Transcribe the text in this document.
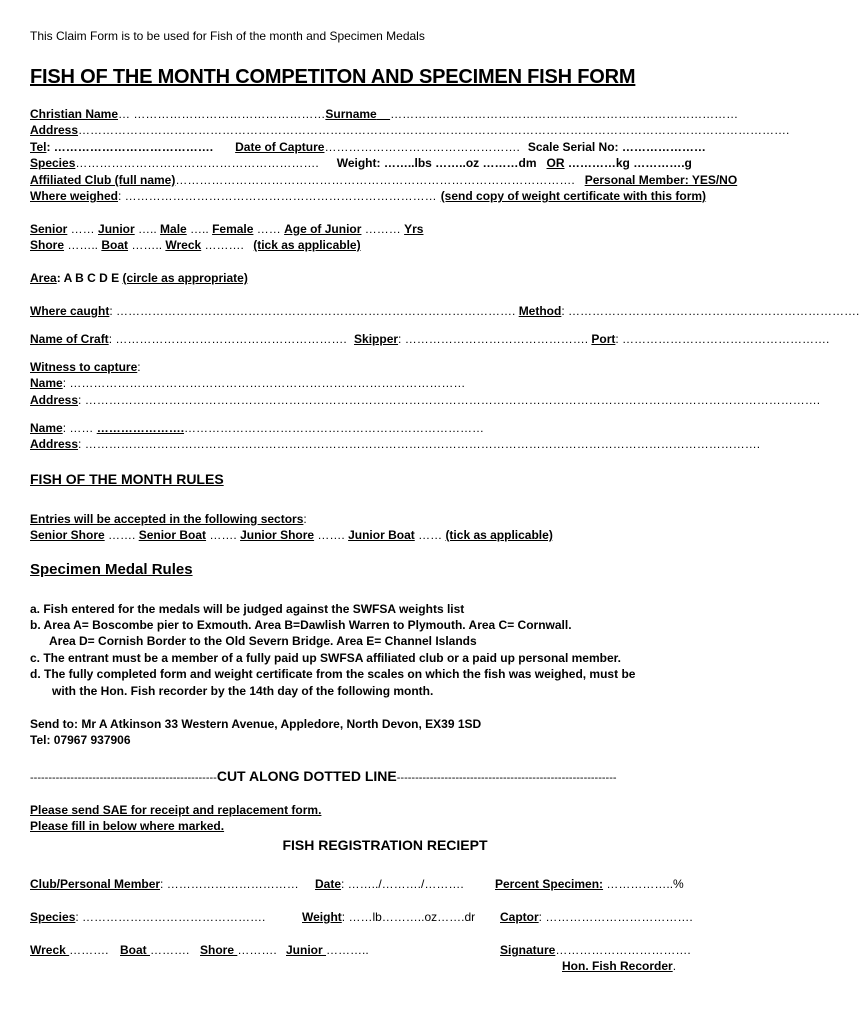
This Claim Form is to be used for Fish of the month and Specimen Medals
FISH OF THE MONTH COMPETITON AND SPECIMEN FISH FORM
Christian Name… …………………………………………Surname ……………………………………………………………………………
Address…………………………………………………………………………………………………………………………………………………………….
Tel: …………………………………. Date of Capture…………………………………………. Scale Serial No: …………………
Species……………………………………………………. Weight: ……..lbs ……..oz ………dm OR …………kg ………….g
Affiliated Club (full name)………………………………………………………………………………………. Personal Member: YES/NO
Where weighed: …………………………………………………………………… (send copy of weight certificate with this form)
Senior …… Junior ….. Male ….. Female …… Age of Junior ……… Yrs
Shore …….. Boat …….. Wreck ………. (tick as applicable)
Area: A B C D E (circle as appropriate)
Where caught: ………………………………………………………………………………………. Method: ……………………………………………………………….
Name of Craft: …………………………………………………. Skipper: ………………………………………. Port: …………………………………………….
Witness to capture:
Name: ………………………………………………………………………………………
Address: ………………………………………………………………………………………………………………………………………………………………….
Name: …… ………………….…………………………………………………………………
Address: …………………………………………………………………………………………………………………………………………………….
FISH OF THE MONTH RULES
Entries will be accepted in the following sectors:
Senior Shore ……. Senior Boat ……. Junior Shore ……. Junior Boat …… (tick as applicable)
Specimen Medal Rules
a. Fish entered for the medals will be judged against the SWFSA weights list
b. Area A= Boscombe pier to Exmouth. Area B=Dawlish Warren to Plymouth. Area C= Cornwall.
Area D= Cornish Border to the Old Severn Bridge. Area E= Channel Islands
c. The entrant must be a member of a fully paid up SWFSA affiliated club or a paid up personal member.
d. The fully completed form and weight certificate from the scales on which the fish was weighed, must be
with the Hon. Fish recorder by the 14th day of the following month.
Send to: Mr A Atkinson 33 Western Avenue, Appledore, North Devon, EX39 1SD
Tel: 07967 937906
---------------------------------------------------CUT ALONG DOTTED LINE------------------------------------------------------------
Please send SAE for receipt and replacement form.
Please fill in below where marked.
FISH REGISTRATION RECIEPT
Club/Personal Member: …………………………… Date: ……../………./……….	Percent Specimen: ……………..%
Species: ……………………………………….	Weight: ……lb………..oz…….dr Captor: ……………………………….
Wreck ………. Boat ………. Shore ………. Junior ………..	Signature…………………………….
Hon. Fish Recorder.
